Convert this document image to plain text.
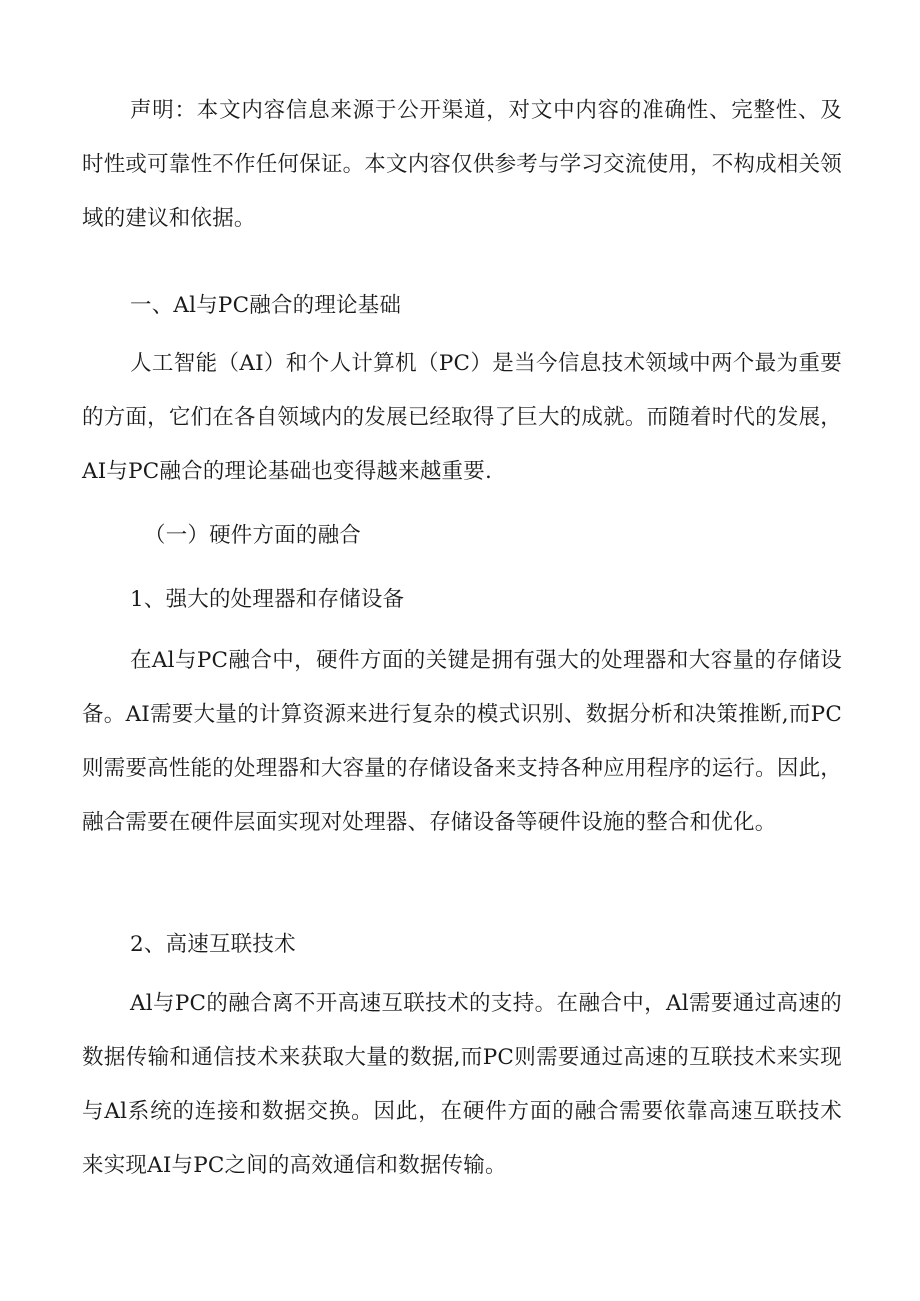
声明：本文内容信息来源于公开渠道，对文中内容的准确性、完整性、及时性或可靠性不作任何保证。本文内容仅供参考与学习交流使用，不构成相关领域的建议和依据。

一、Al与PC融合的理论基础

人工智能（AI）和个人计算机（PC）是当今信息技术领域中两个最为重要的方面，它们在各自领域内的发展已经取得了巨大的成就。而随着时代的发展，AI与PC融合的理论基础也变得越来越重要.

（一）硬件方面的融合

1、强大的处理器和存储设备

在Al与PC融合中，硬件方面的关键是拥有强大的处理器和大容量的存储设备。AI需要大量的计算资源来进行复杂的模式识别、数据分析和决策推断,而PC则需要高性能的处理器和大容量的存储设备来支持各种应用程序的运行。因此，融合需要在硬件层面实现对处理器、存储设备等硬件设施的整合和优化。

2、高速互联技术

Al与PC的融合离不开高速互联技术的支持。在融合中，Al需要通过高速的数据传输和通信技术来获取大量的数据,而PC则需要通过高速的互联技术来实现与Al系统的连接和数据交换。因此，在硬件方面的融合需要依靠高速互联技术来实现AI与PC之间的高效通信和数据传输。
